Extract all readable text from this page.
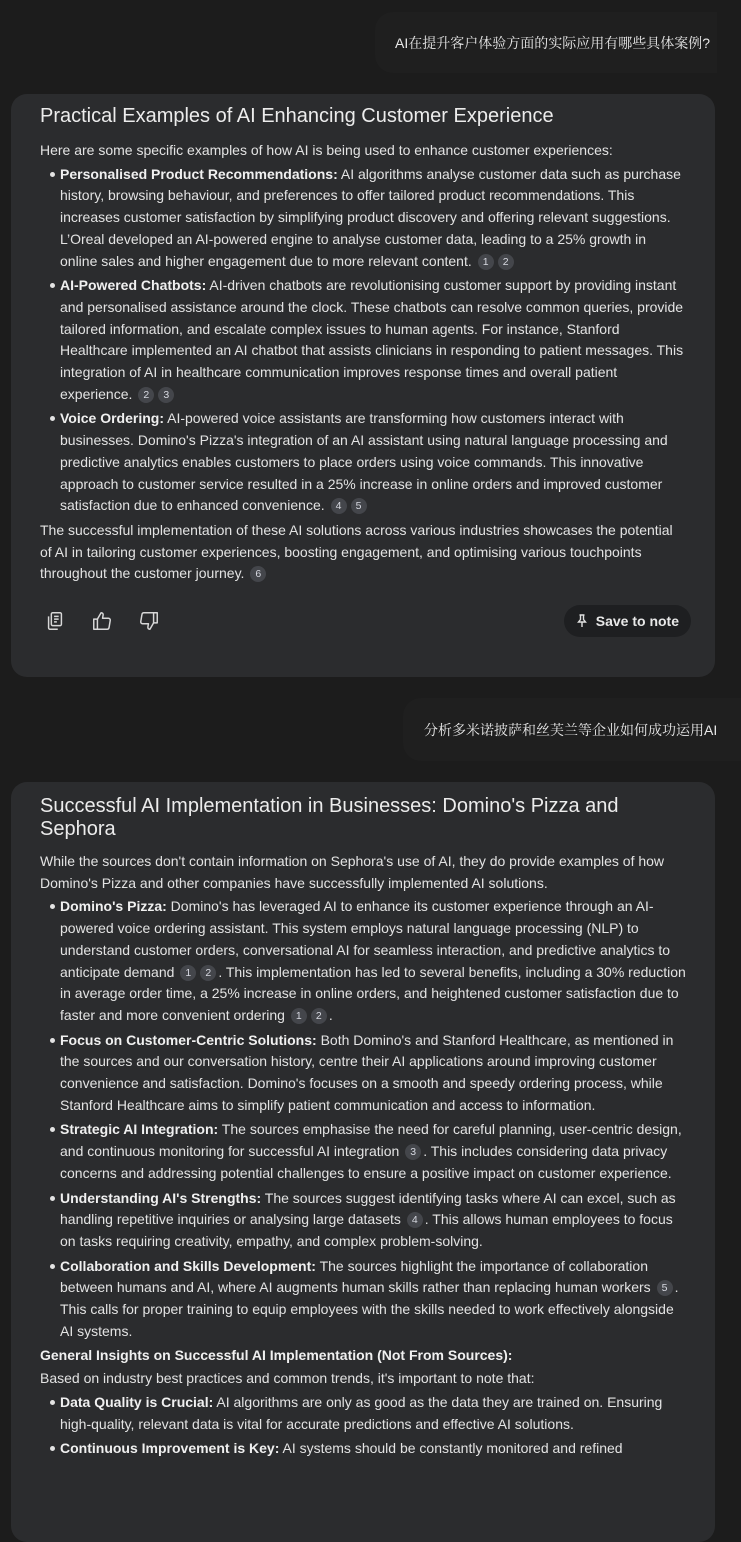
AI在提升客户体验方面的实际应用有哪些具体案例?
Practical Examples of AI Enhancing Customer Experience

Here are some specific examples of how AI is being used to enhance customer experiences:

Personalised Product Recommendations: AI algorithms analyse customer data such as purchase history, browsing behaviour, and preferences to offer tailored product recommendations. This increases customer satisfaction by simplifying product discovery and offering relevant suggestions. L’Oreal developed an AI-powered engine to analyse customer data, leading to a 25% growth in online sales and higher engagement due to more relevant content. 1 2
AI-Powered Chatbots: AI-driven chatbots are revolutionising customer support by providing instant and personalised assistance around the clock. These chatbots can resolve common queries, provide tailored information, and escalate complex issues to human agents. For instance, Stanford Healthcare implemented an AI chatbot that assists clinicians in responding to patient messages. This integration of AI in healthcare communication improves response times and overall patient experience. 2 3
Voice Ordering: AI-powered voice assistants are transforming how customers interact with businesses. Domino's Pizza's integration of an AI assistant using natural language processing and predictive analytics enables customers to place orders using voice commands. This innovative approach to customer service resulted in a 25% increase in online orders and improved customer satisfaction due to enhanced convenience. 4 5

The successful implementation of these AI solutions across various industries showcases the potential of AI in tailoring customer experiences, boosting engagement, and optimising various touchpoints throughout the customer journey. 6

Save to note
分析多米诺披萨和丝芙兰等企业如何成功运用AI
Successful AI Implementation in Businesses: Domino's Pizza and Sephora

While the sources don't contain information on Sephora's use of AI, they do provide examples of how Domino's Pizza and other companies have successfully implemented AI solutions.

Domino's Pizza: Domino's has leveraged AI to enhance its customer experience through an AI-powered voice ordering assistant. This system employs natural language processing (NLP) to understand customer orders, conversational AI for seamless interaction, and predictive analytics to anticipate demand 1 2 . This implementation has led to several benefits, including a 30% reduction in average order time, a 25% increase in online orders, and heightened customer satisfaction due to faster and more convenient ordering 1 2 .
Focus on Customer-Centric Solutions: Both Domino's and Stanford Healthcare, as mentioned in the sources and our conversation history, centre their AI applications around improving customer convenience and satisfaction. Domino's focuses on a smooth and speedy ordering process, while Stanford Healthcare aims to simplify patient communication and access to information.
Strategic AI Integration: The sources emphasise the need for careful planning, user-centric design, and continuous monitoring for successful AI integration 3 . This includes considering data privacy concerns and addressing potential challenges to ensure a positive impact on customer experience.
Understanding AI's Strengths: The sources suggest identifying tasks where AI can excel, such as handling repetitive inquiries or analysing large datasets 4 . This allows human employees to focus on tasks requiring creativity, empathy, and complex problem-solving.
Collaboration and Skills Development: The sources highlight the importance of collaboration between humans and AI, where AI augments human skills rather than replacing human workers 5 . This calls for proper training to equip employees with the skills needed to work effectively alongside AI systems.

General Insights on Successful AI Implementation (Not From Sources):

Based on industry best practices and common trends, it's important to note that:

Data Quality is Crucial: AI algorithms are only as good as the data they are trained on. Ensuring high-quality, relevant data is vital for accurate predictions and effective AI solutions.
Continuous Improvement is Key: AI systems should be constantly monitored and refined
